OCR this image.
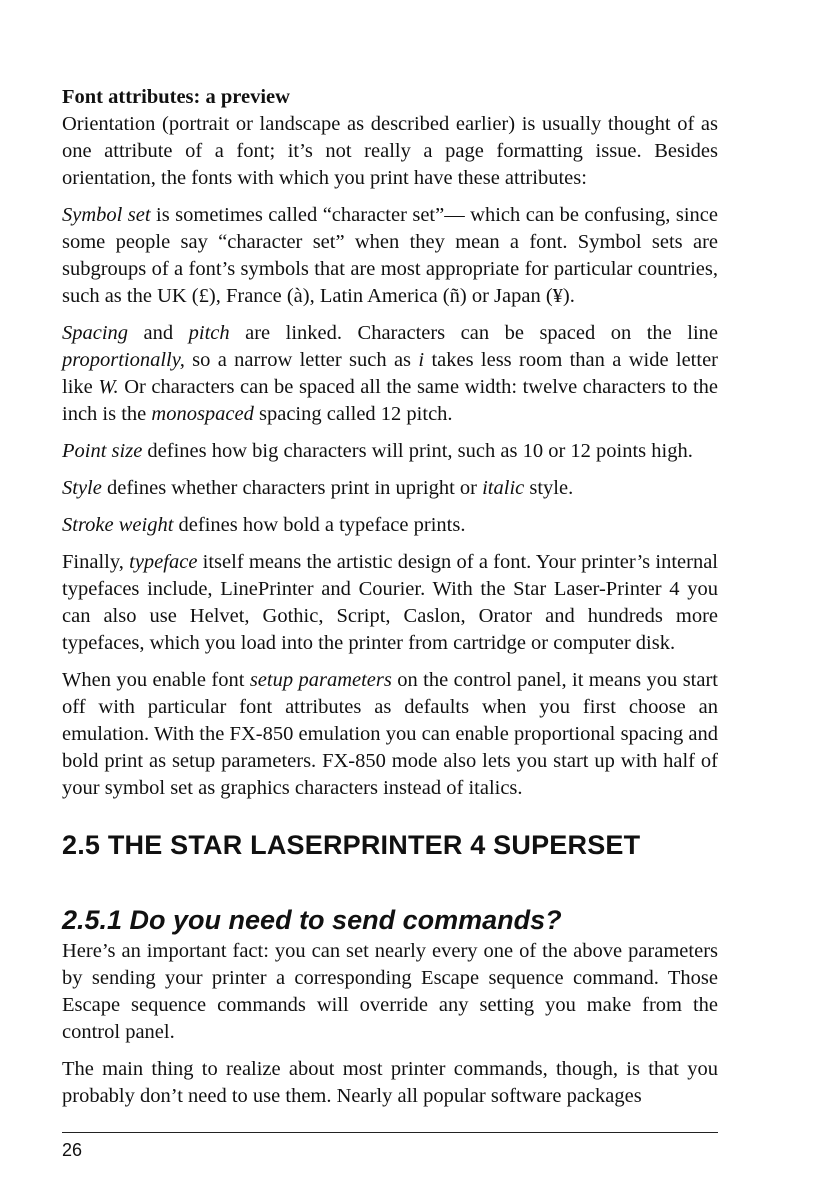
Font attributes: a preview

Orientation (portrait or landscape as described earlier) is usually thought of as one attribute of a font; it’s not really a page formatting issue. Besides orientation, the fonts with which you print have these attributes:

Symbol set is sometimes called “character set”— which can be confusing, since some people say “character set” when they mean a font. Symbol sets are subgroups of a font’s symbols that are most appropriate for particular countries, such as the UK (£), France (à), Latin America (ñ) or Japan (¥).

Spacing and pitch are linked. Characters can be spaced on the line proportionally, so a narrow letter such as i takes less room than a wide letter like W. Or characters can be spaced all the same width: twelve characters to the inch is the monospaced spacing called 12 pitch.

Point size defines how big characters will print, such as 10 or 12 points high.

Style defines whether characters print in upright or italic style.

Stroke weight defines how bold a typeface prints.

Finally, typeface itself means the artistic design of a font. Your printer’s internal typefaces include, LinePrinter and Courier. With the Star Laser-Printer 4 you can also use Helvet, Gothic, Script, Caslon, Orator and hundreds more typefaces, which you load into the printer from cartridge or computer disk.

When you enable font setup parameters on the control panel, it means you start off with particular font attributes as defaults when you first choose an emulation. With the FX-850 emulation you can enable proportional spacing and bold print as setup parameters. FX-850 mode also lets you start up with half of your symbol set as graphics characters instead of italics.

2.5 THE STAR LASERPRINTER 4 SUPERSET
2.5.1 Do you need to send commands?

Here’s an important fact: you can set nearly every one of the above parameters by sending your printer a corresponding Escape sequence command. Those Escape sequence commands will override any setting you make from the control panel.

The main thing to realize about most printer commands, though, is that you probably don’t need to use them. Nearly all popular software packages

26
